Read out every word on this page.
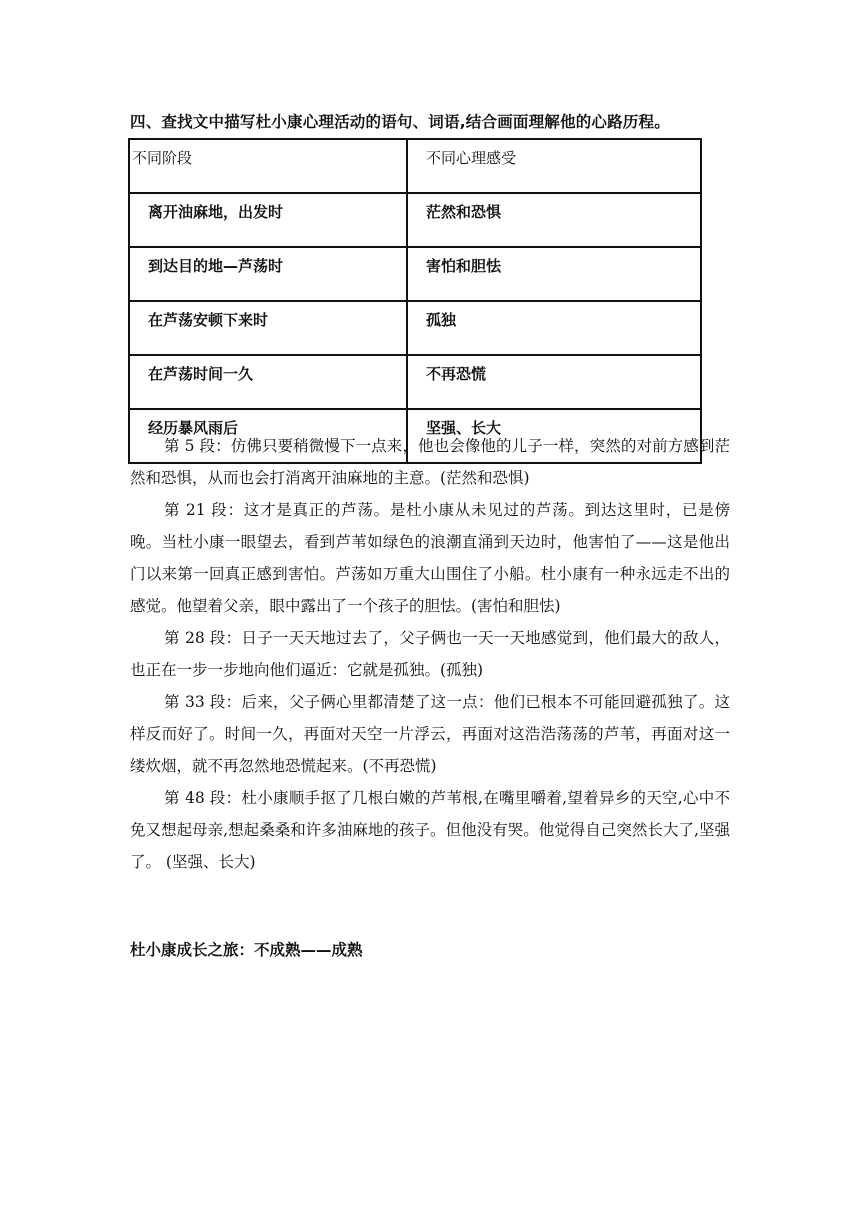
四、查找文中描写杜小康心理活动的语句、词语,结合画面理解他的心路历程。
不同阶段	不同心理感受
离开油麻地，出发时	茫然和恐惧
到达目的地—芦荡时	害怕和胆怯
在芦荡安顿下来时	孤独
在芦荡时间一久	不再恐慌
经历暴风雨后	坚强、长大

第 5 段：仿佛只要稍微慢下一点来，他也会像他的儿子一样，突然的对前方感到茫然和恐惧，从而也会打消离开油麻地的主意。(茫然和恐惧)

第 21 段：这才是真正的芦荡。是杜小康从未见过的芦荡。到达这里时，已是傍晚。当杜小康一眼望去，看到芦苇如绿色的浪潮直涌到天边时，他害怕了——这是他出门以来第一回真正感到害怕。芦荡如万重大山围住了小船。杜小康有一种永远走不出的感觉。他望着父亲，眼中露出了一个孩子的胆怯。(害怕和胆怯)

第 28 段：日子一天天地过去了，父子俩也一天一天地感觉到，他们最大的敌人，也正在一步一步地向他们逼近：它就是孤独。(孤独)

第 33 段：后来，父子俩心里都清楚了这一点：他们已根本不可能回避孤独了。这样反而好了。时间一久，再面对天空一片浮云，再面对这浩浩荡荡的芦苇，再面对这一缕炊烟，就不再忽然地恐慌起来。(不再恐慌)

第 48 段：杜小康顺手抠了几根白嫩的芦苇根,在嘴里嚼着,望着异乡的天空,心中不免又想起母亲,想起桑桑和许多油麻地的孩子。但他没有哭。他觉得自己突然长大了,坚强了。 (坚强、长大)

杜小康成长之旅：不成熟——成熟
